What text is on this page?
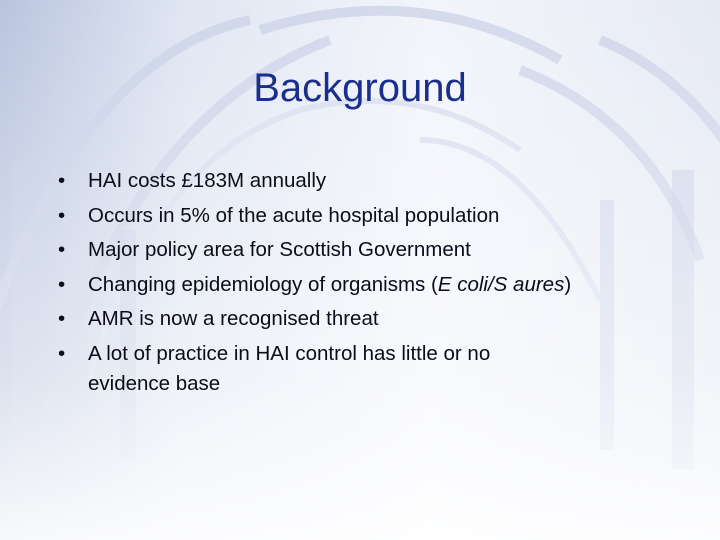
Background
• HAI costs £183M annually
• Occurs in 5% of the acute hospital population
• Major policy area for Scottish Government
• Changing epidemiology of organisms (E coli/S aures)
• AMR is now a recognised threat
• A lot of practice in HAI control has little or no evidence base
